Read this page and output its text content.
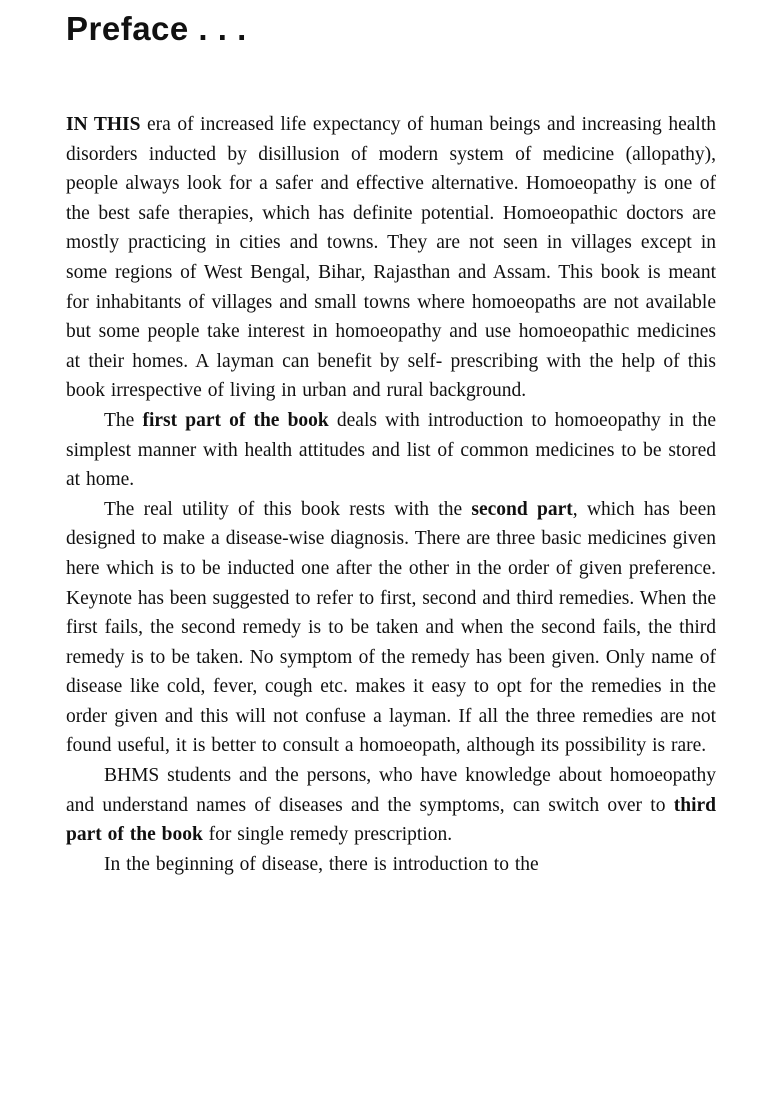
Preface . . .

IN THIS era of increased life expectancy of human beings and increasing health disorders inducted by disillusion of modern system of medicine (allopathy), people always look for a safer and effective alternative. Homoeopathy is one of the best safe therapies, which has definite potential. Homoeopathic doctors are mostly practicing in cities and towns. They are not seen in villages except in some regions of West Bengal, Bihar, Rajasthan and Assam. This book is meant for inhabitants of villages and small towns where homoeopaths are not available but some people take interest in homoeopathy and use homoeopathic medicines at their homes. A layman can benefit by self- prescribing with the help of this book irrespective of living in urban and rural background.

The first part of the book deals with introduction to homoeopathy in the simplest manner with health attitudes and list of common medicines to be stored at home.

The real utility of this book rests with the second part, which has been designed to make a disease-wise diagnosis. There are three basic medicines given here which is to be inducted one after the other in the order of given preference. Keynote has been suggested to refer to first, second and third remedies. When the first fails, the second remedy is to be taken and when the second fails, the third remedy is to be taken. No symptom of the remedy has been given. Only name of disease like cold, fever, cough etc. makes it easy to opt for the remedies in the order given and this will not confuse a layman. If all the three remedies are not found useful, it is better to consult a homoeopath, although its possibility is rare.

BHMS students and the persons, who have knowledge about homoeopathy and understand names of diseases and the symptoms, can switch over to third part of the book for single remedy prescription.

In the beginning of disease, there is introduction to the
